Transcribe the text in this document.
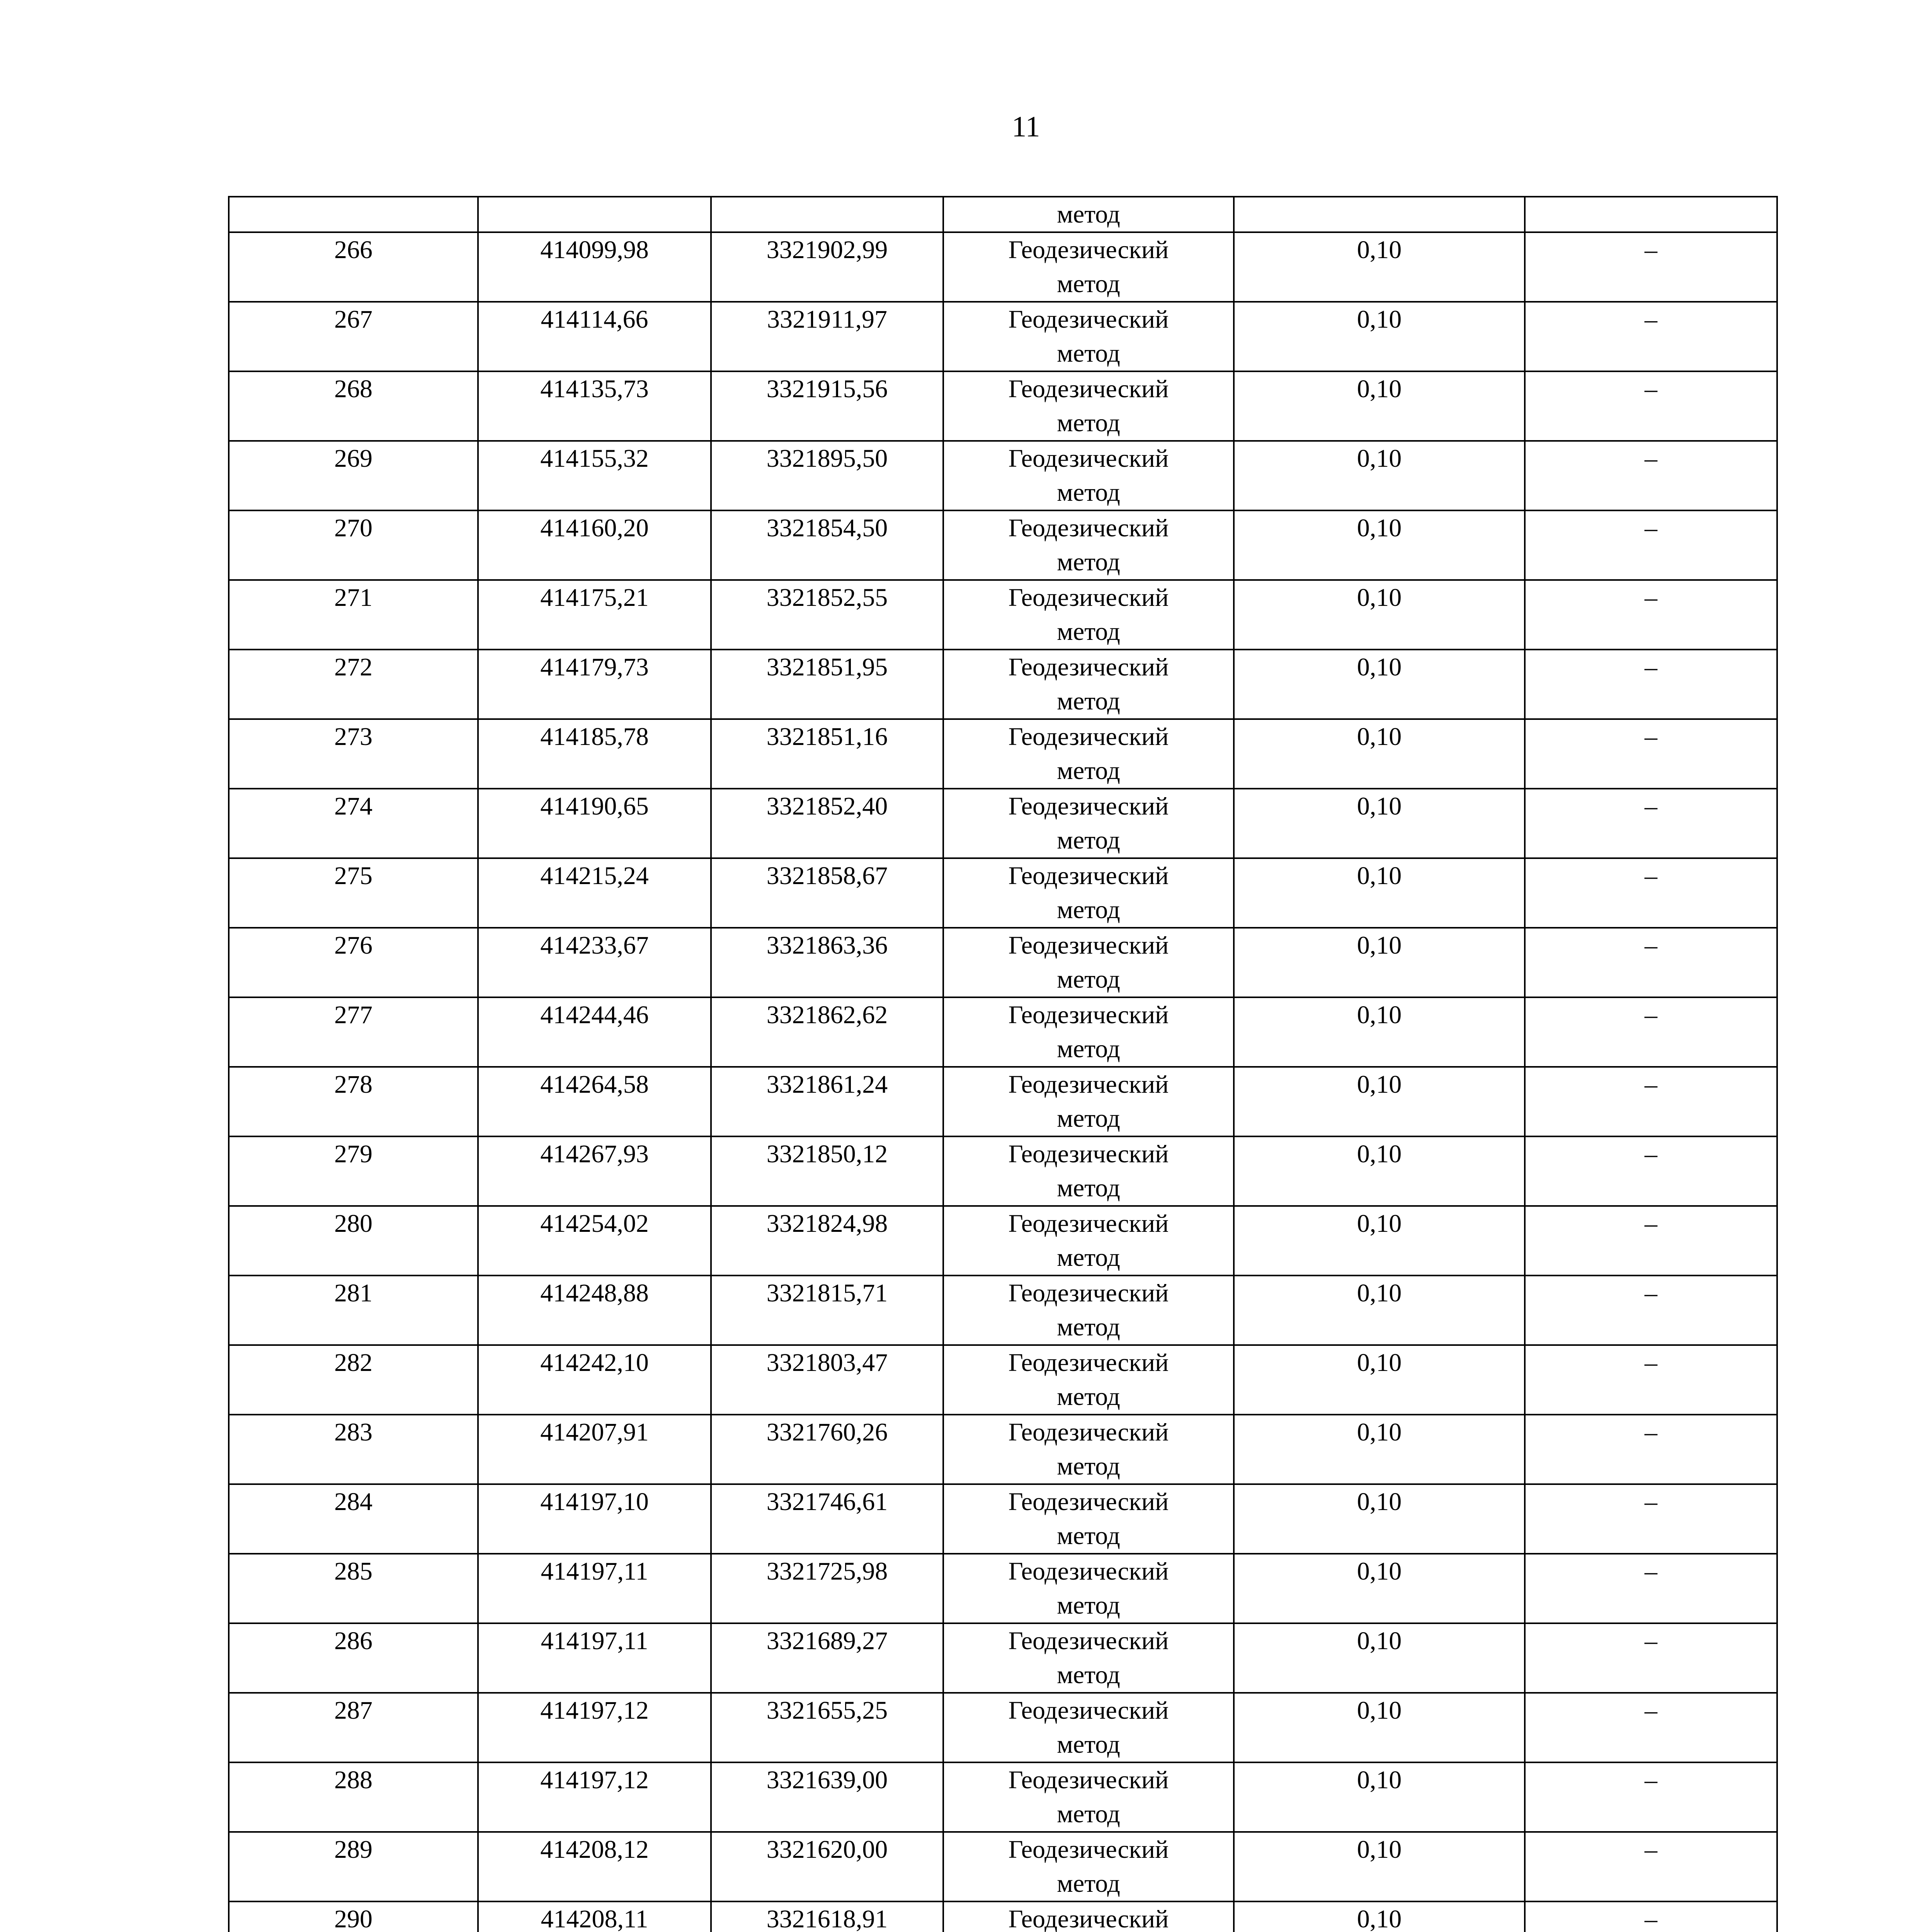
11
			метод		
266	414099,98	3321902,99	Геодезический
метод	0,10	–
267	414114,66	3321911,97	Геодезический
метод	0,10	–
268	414135,73	3321915,56	Геодезический
метод	0,10	–
269	414155,32	3321895,50	Геодезический
метод	0,10	–
270	414160,20	3321854,50	Геодезический
метод	0,10	–
271	414175,21	3321852,55	Геодезический
метод	0,10	–
272	414179,73	3321851,95	Геодезический
метод	0,10	–
273	414185,78	3321851,16	Геодезический
метод	0,10	–
274	414190,65	3321852,40	Геодезический
метод	0,10	–
275	414215,24	3321858,67	Геодезический
метод	0,10	–
276	414233,67	3321863,36	Геодезический
метод	0,10	–
277	414244,46	3321862,62	Геодезический
метод	0,10	–
278	414264,58	3321861,24	Геодезический
метод	0,10	–
279	414267,93	3321850,12	Геодезический
метод	0,10	–
280	414254,02	3321824,98	Геодезический
метод	0,10	–
281	414248,88	3321815,71	Геодезический
метод	0,10	–
282	414242,10	3321803,47	Геодезический
метод	0,10	–
283	414207,91	3321760,26	Геодезический
метод	0,10	–
284	414197,10	3321746,61	Геодезический
метод	0,10	–
285	414197,11	3321725,98	Геодезический
метод	0,10	–
286	414197,11	3321689,27	Геодезический
метод	0,10	–
287	414197,12	3321655,25	Геодезический
метод	0,10	–
288	414197,12	3321639,00	Геодезический
метод	0,10	–
289	414208,12	3321620,00	Геодезический
метод	0,10	–
290	414208,11	3321618,91	Геодезический	0,10	–
